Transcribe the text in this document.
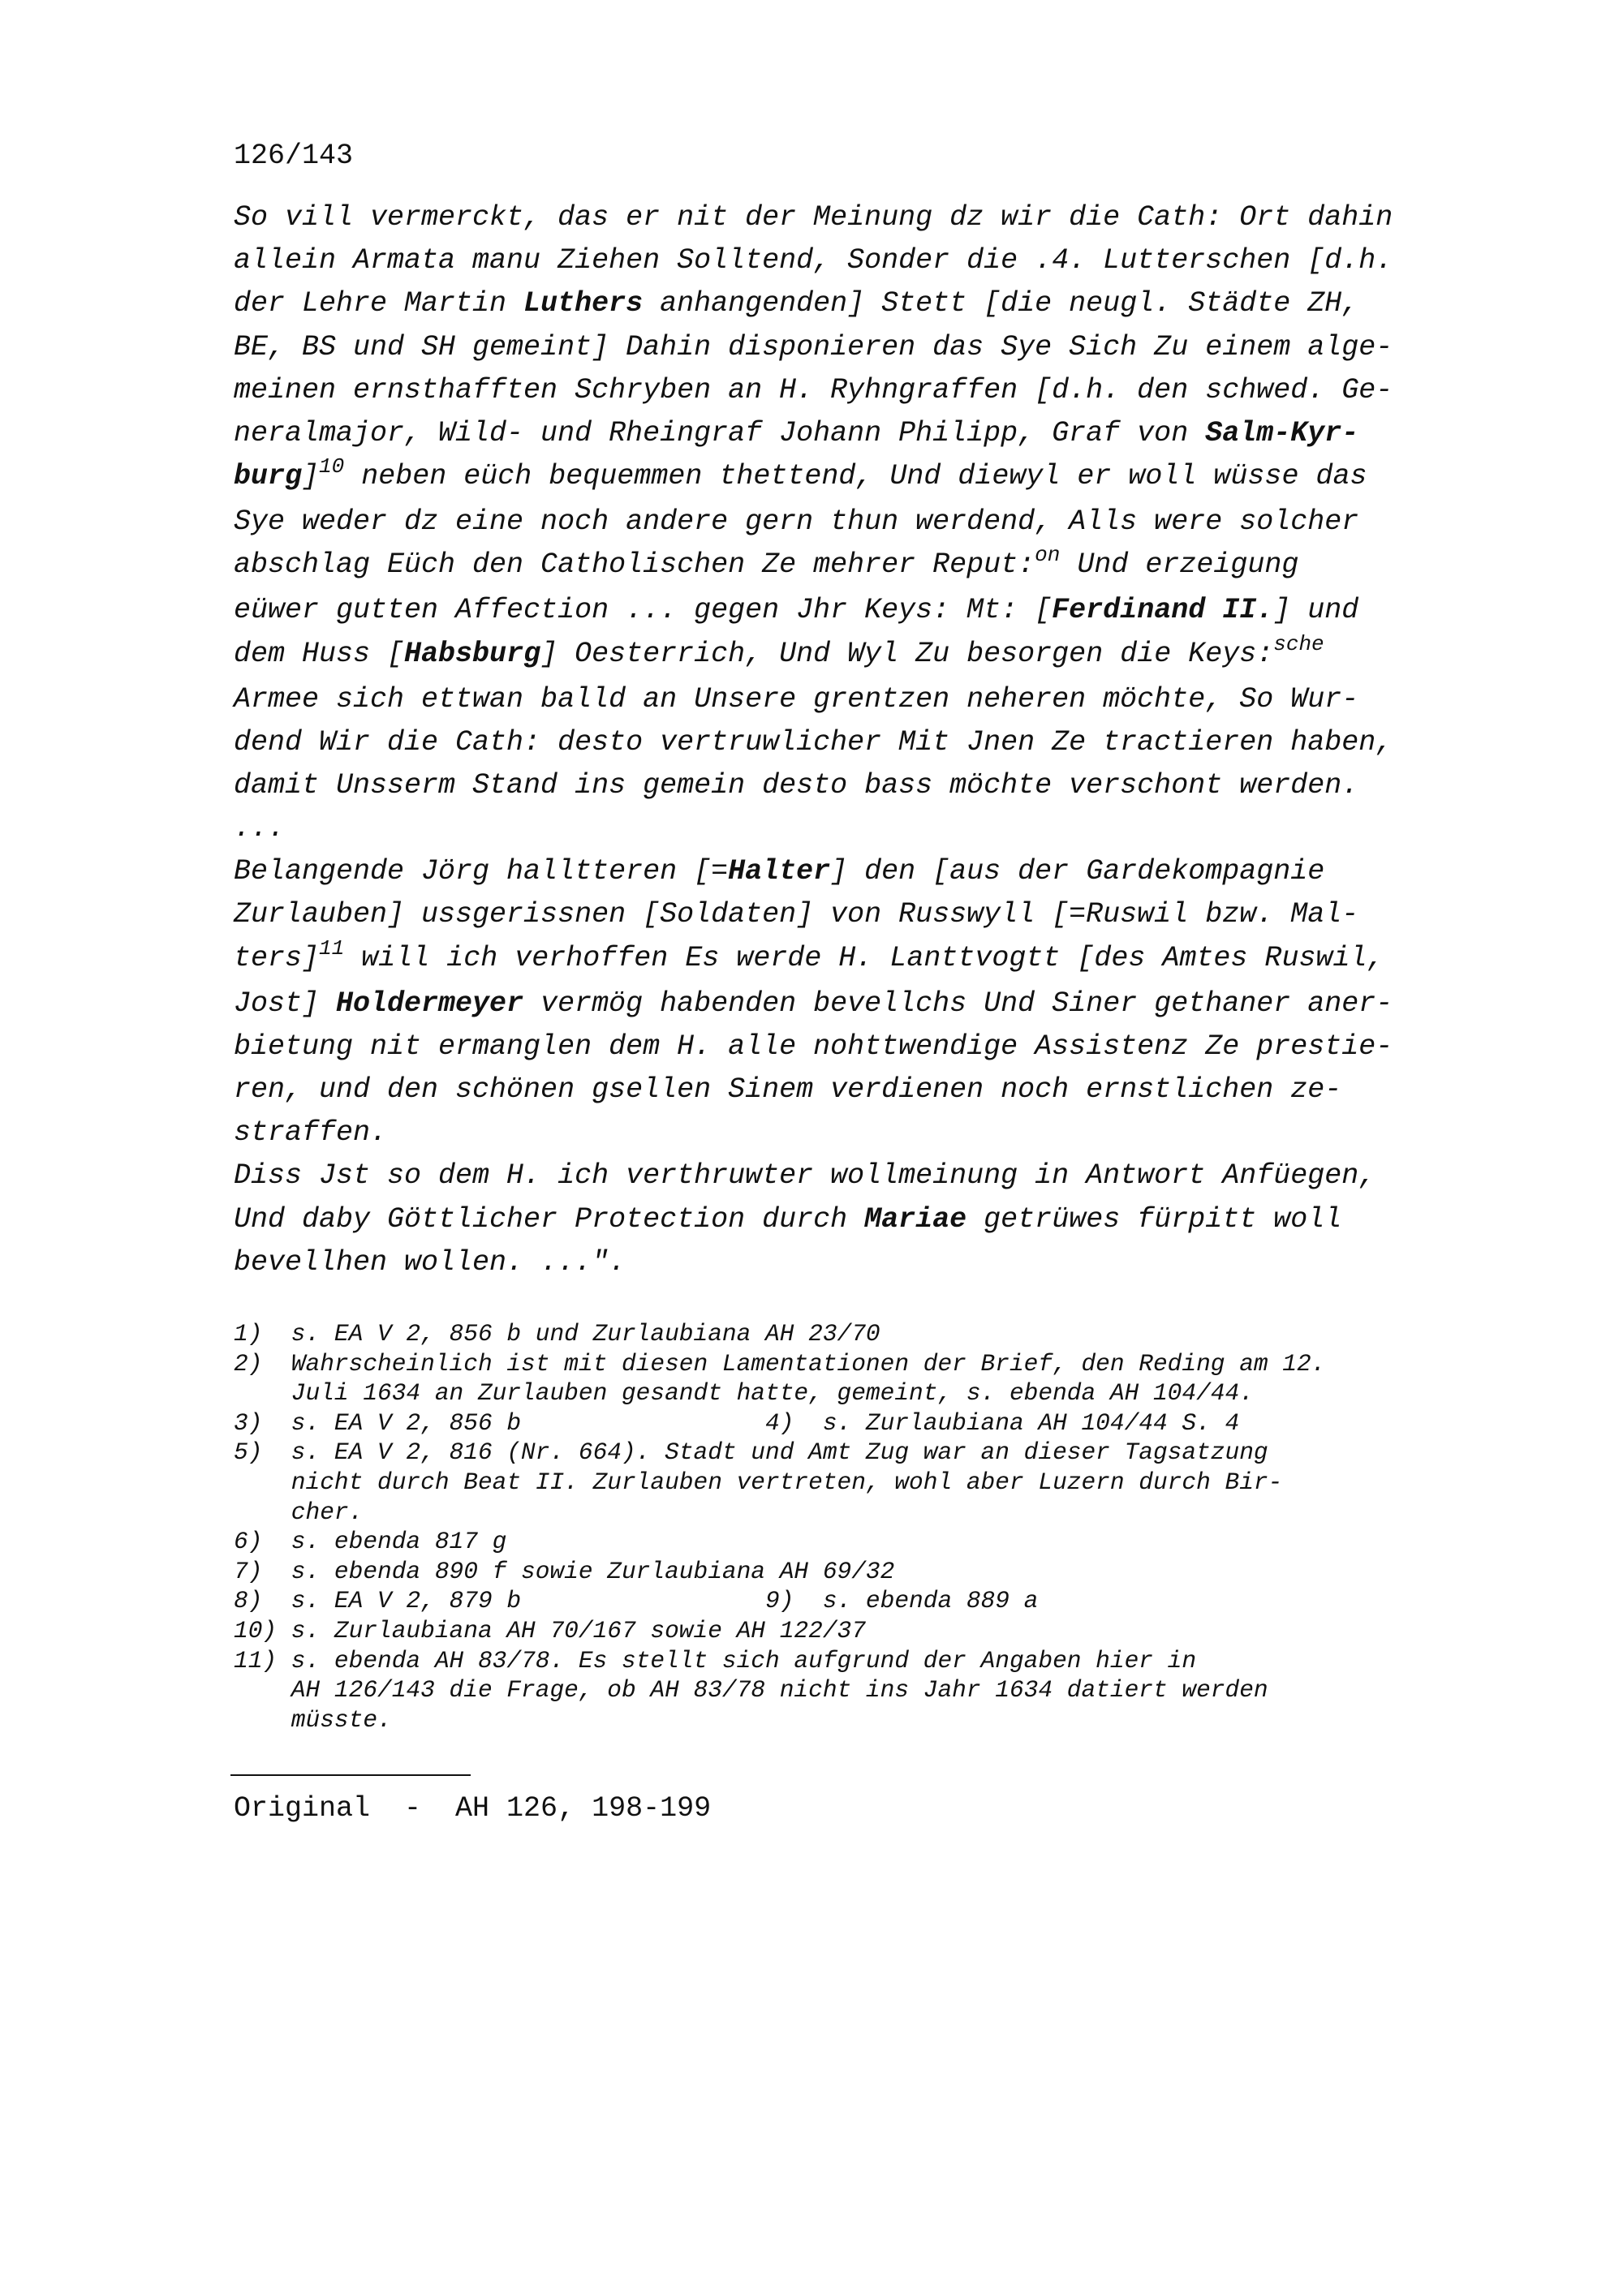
126/143
So vill vermerckt, das er nit der Meinung dz wir die Cath: Ort dahin
allein Armata manu Ziehen Solltend, Sonder die .4. Lutterschen [d.h.
der Lehre Martin Luthers anhangenden] Stett [die neugl. Städte ZH,
BE, BS und SH gemeint] Dahin disponieren das Sye Sich Zu einem alge-
meinen ernsthafften Schryben an H. Ryhngraffen [d.h. den schwed. Ge-
neralmajor, Wild- und Rheingraf Johann Philipp, Graf von Salm-Kyr-
burg]$^{10}$ neben eüch bequemmen thettend, Und diewyl er woll wüsse das
Sye weder dz eine noch andere gern thun werdend, Alls were solcher
abschlag Eüch den Catholischen Ze mehrer Reput:$^{on}$ Und erzeigung
eüwer gutten Affection ... gegen Jhr Keys: Mt: [Ferdinand II.] und
dem Huss [Habsburg] Oesterrich, Und Wyl Zu besorgen die Keys:$^{sche}$
Armee sich ettwan balld an Unsere grentzen neheren möchte, So Wur-
dend Wir die Cath: desto vertruwlicher Mit Jnen Ze tractieren haben,
damit Unsserm Stand ins gemein desto bass möchte verschont werden.
...
Belangende Jörg halltteren [=Halter] den [aus der Gardekompagnie
Zurlauben] ussgerissnen [Soldaten] von Russwyll [=Ruswil bzw. Mal-
ters]$^{11}$ will ich verhoffen Es werde H. Lanttvogtt [des Amtes Ruswil,
Jost] Holdermeyer vermög habenden bevellchs Und Siner gethaner aner-
bietung nit ermanglen dem H. alle nohttwendige Assistenz Ze prestie-
ren, und den schönen gsellen Sinem verdienen noch ernstlichen ze-
straffen.
Diss Jst so dem H. ich verthruwter wollmeinung in Antwort Anfüegen,
Und daby Göttlicher Protection durch Mariae getrüwes fürpitt woll
bevellhen wollen. ...".
1)  s. EA V 2, 856 b und Zurlaubiana AH 23/70
2)  Wahrscheinlich ist mit diesen Lamentationen der Brief, den Reding am 12.
Juli 1634 an Zurlauben gesandt hatte, gemeint, s. ebenda AH 104/44.
3)  s. EA V 2, 856 b                 4)  s. Zurlaubiana AH 104/44 S. 4
5)  s. EA V 2, 816 (Nr. 664). Stadt und Amt Zug war an dieser Tagsatzung
nicht durch Beat II. Zurlauben vertreten, wohl aber Luzern durch Bir-
cher.
6)  s. ebenda 817 g
7)  s. ebenda 890 f sowie Zurlaubiana AH 69/32
8)  s. EA V 2, 879 b                 9)  s. ebenda 889 a
10) s. Zurlaubiana AH 70/167 sowie AH 122/37
11) s. ebenda AH 83/78. Es stellt sich aufgrund der Angaben hier in
AH 126/143 die Frage, ob AH 83/78 nicht ins Jahr 1634 datiert werden
müsste.
Original  -  AH 126, 198-199
